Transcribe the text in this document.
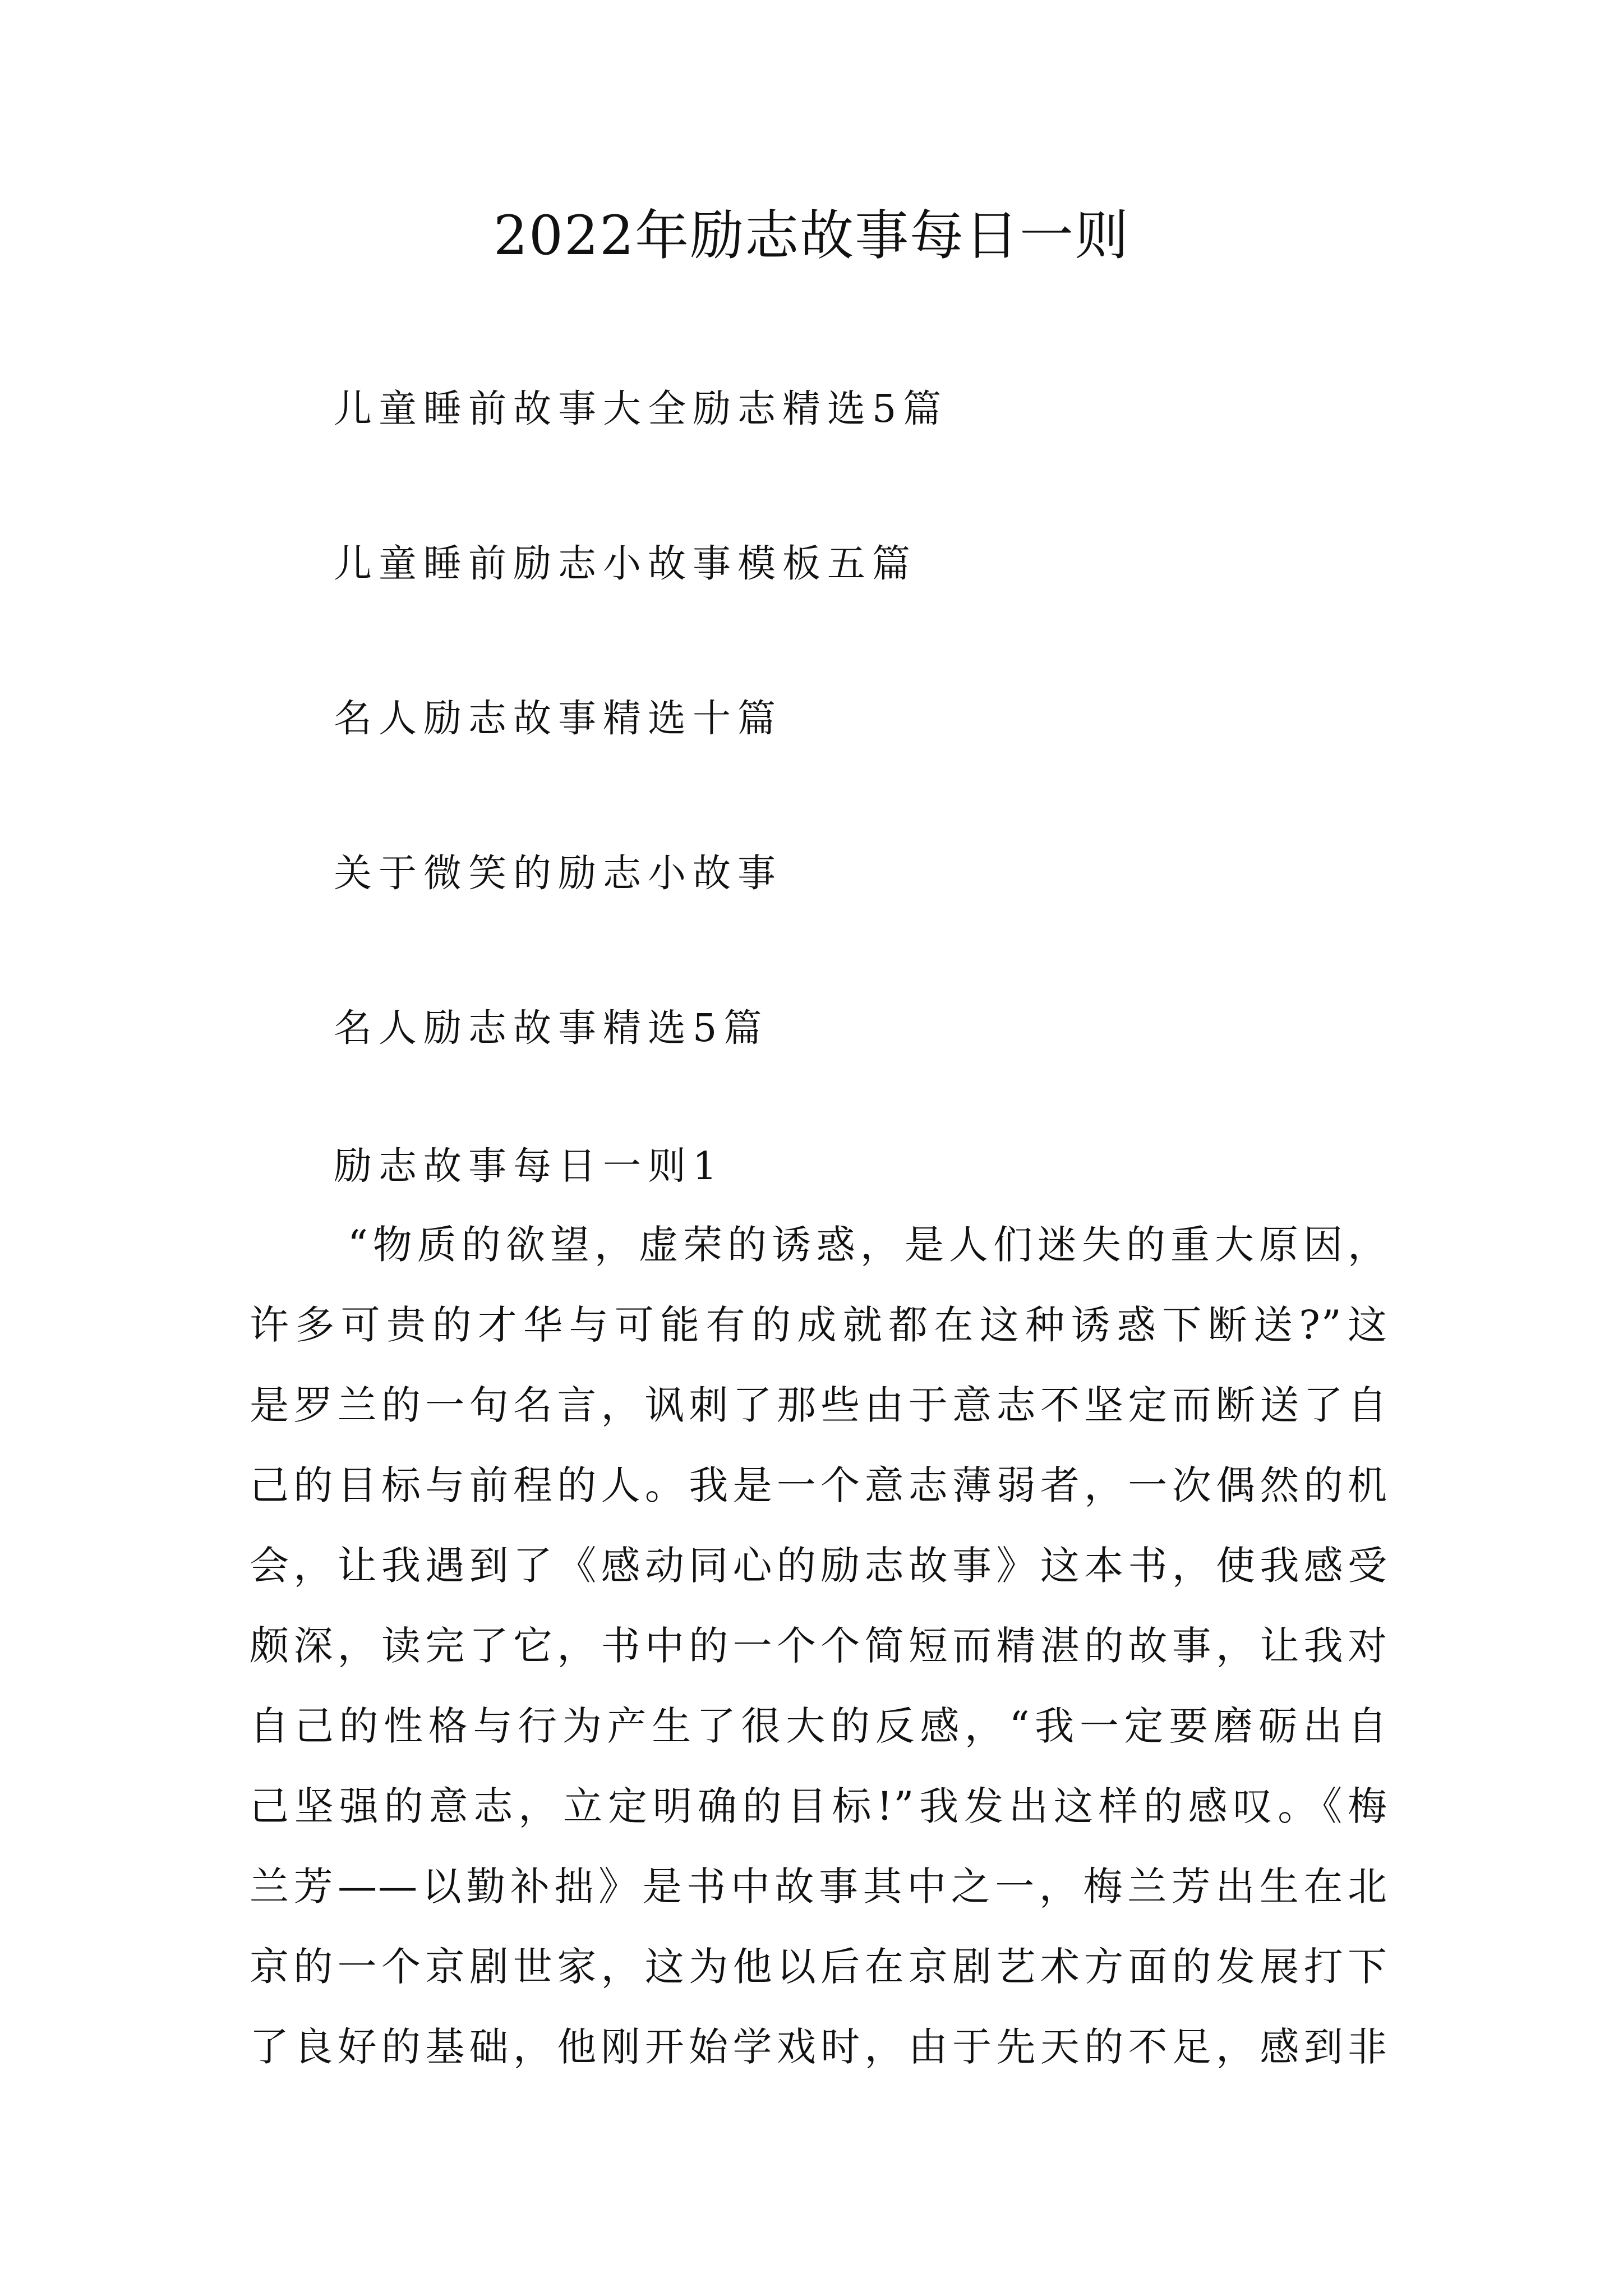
2022年励志故事每日一则
儿童睡前故事大全励志精选5篇
儿童睡前励志小故事模板五篇
名人励志故事精选十篇
关于微笑的励志小故事
名人励志故事精选5篇
励志故事每日一则1
“物质的欲望，虚荣的诱惑，是人们迷失的重大原因，
许多可贵的才华与可能有的成就都在这种诱惑下断送?”这
是罗兰的一句名言，讽刺了那些由于意志不坚定而断送了自
己的目标与前程的人。我是一个意志薄弱者，一次偶然的机
会，让我遇到了《感动同心的励志故事》这本书，使我感受
颇深，读完了它，书中的一个个简短而精湛的故事，让我对
自己的性格与行为产生了很大的反感，“我一定要磨砺出自
己坚强的意志，立定明确的目标!”我发出这样的感叹。《梅
兰芳——以勤补拙》是书中故事其中之一，梅兰芳出生在北
京的一个京剧世家，这为他以后在京剧艺术方面的发展打下
了良好的基础，他刚开始学戏时，由于先天的不足，感到非
